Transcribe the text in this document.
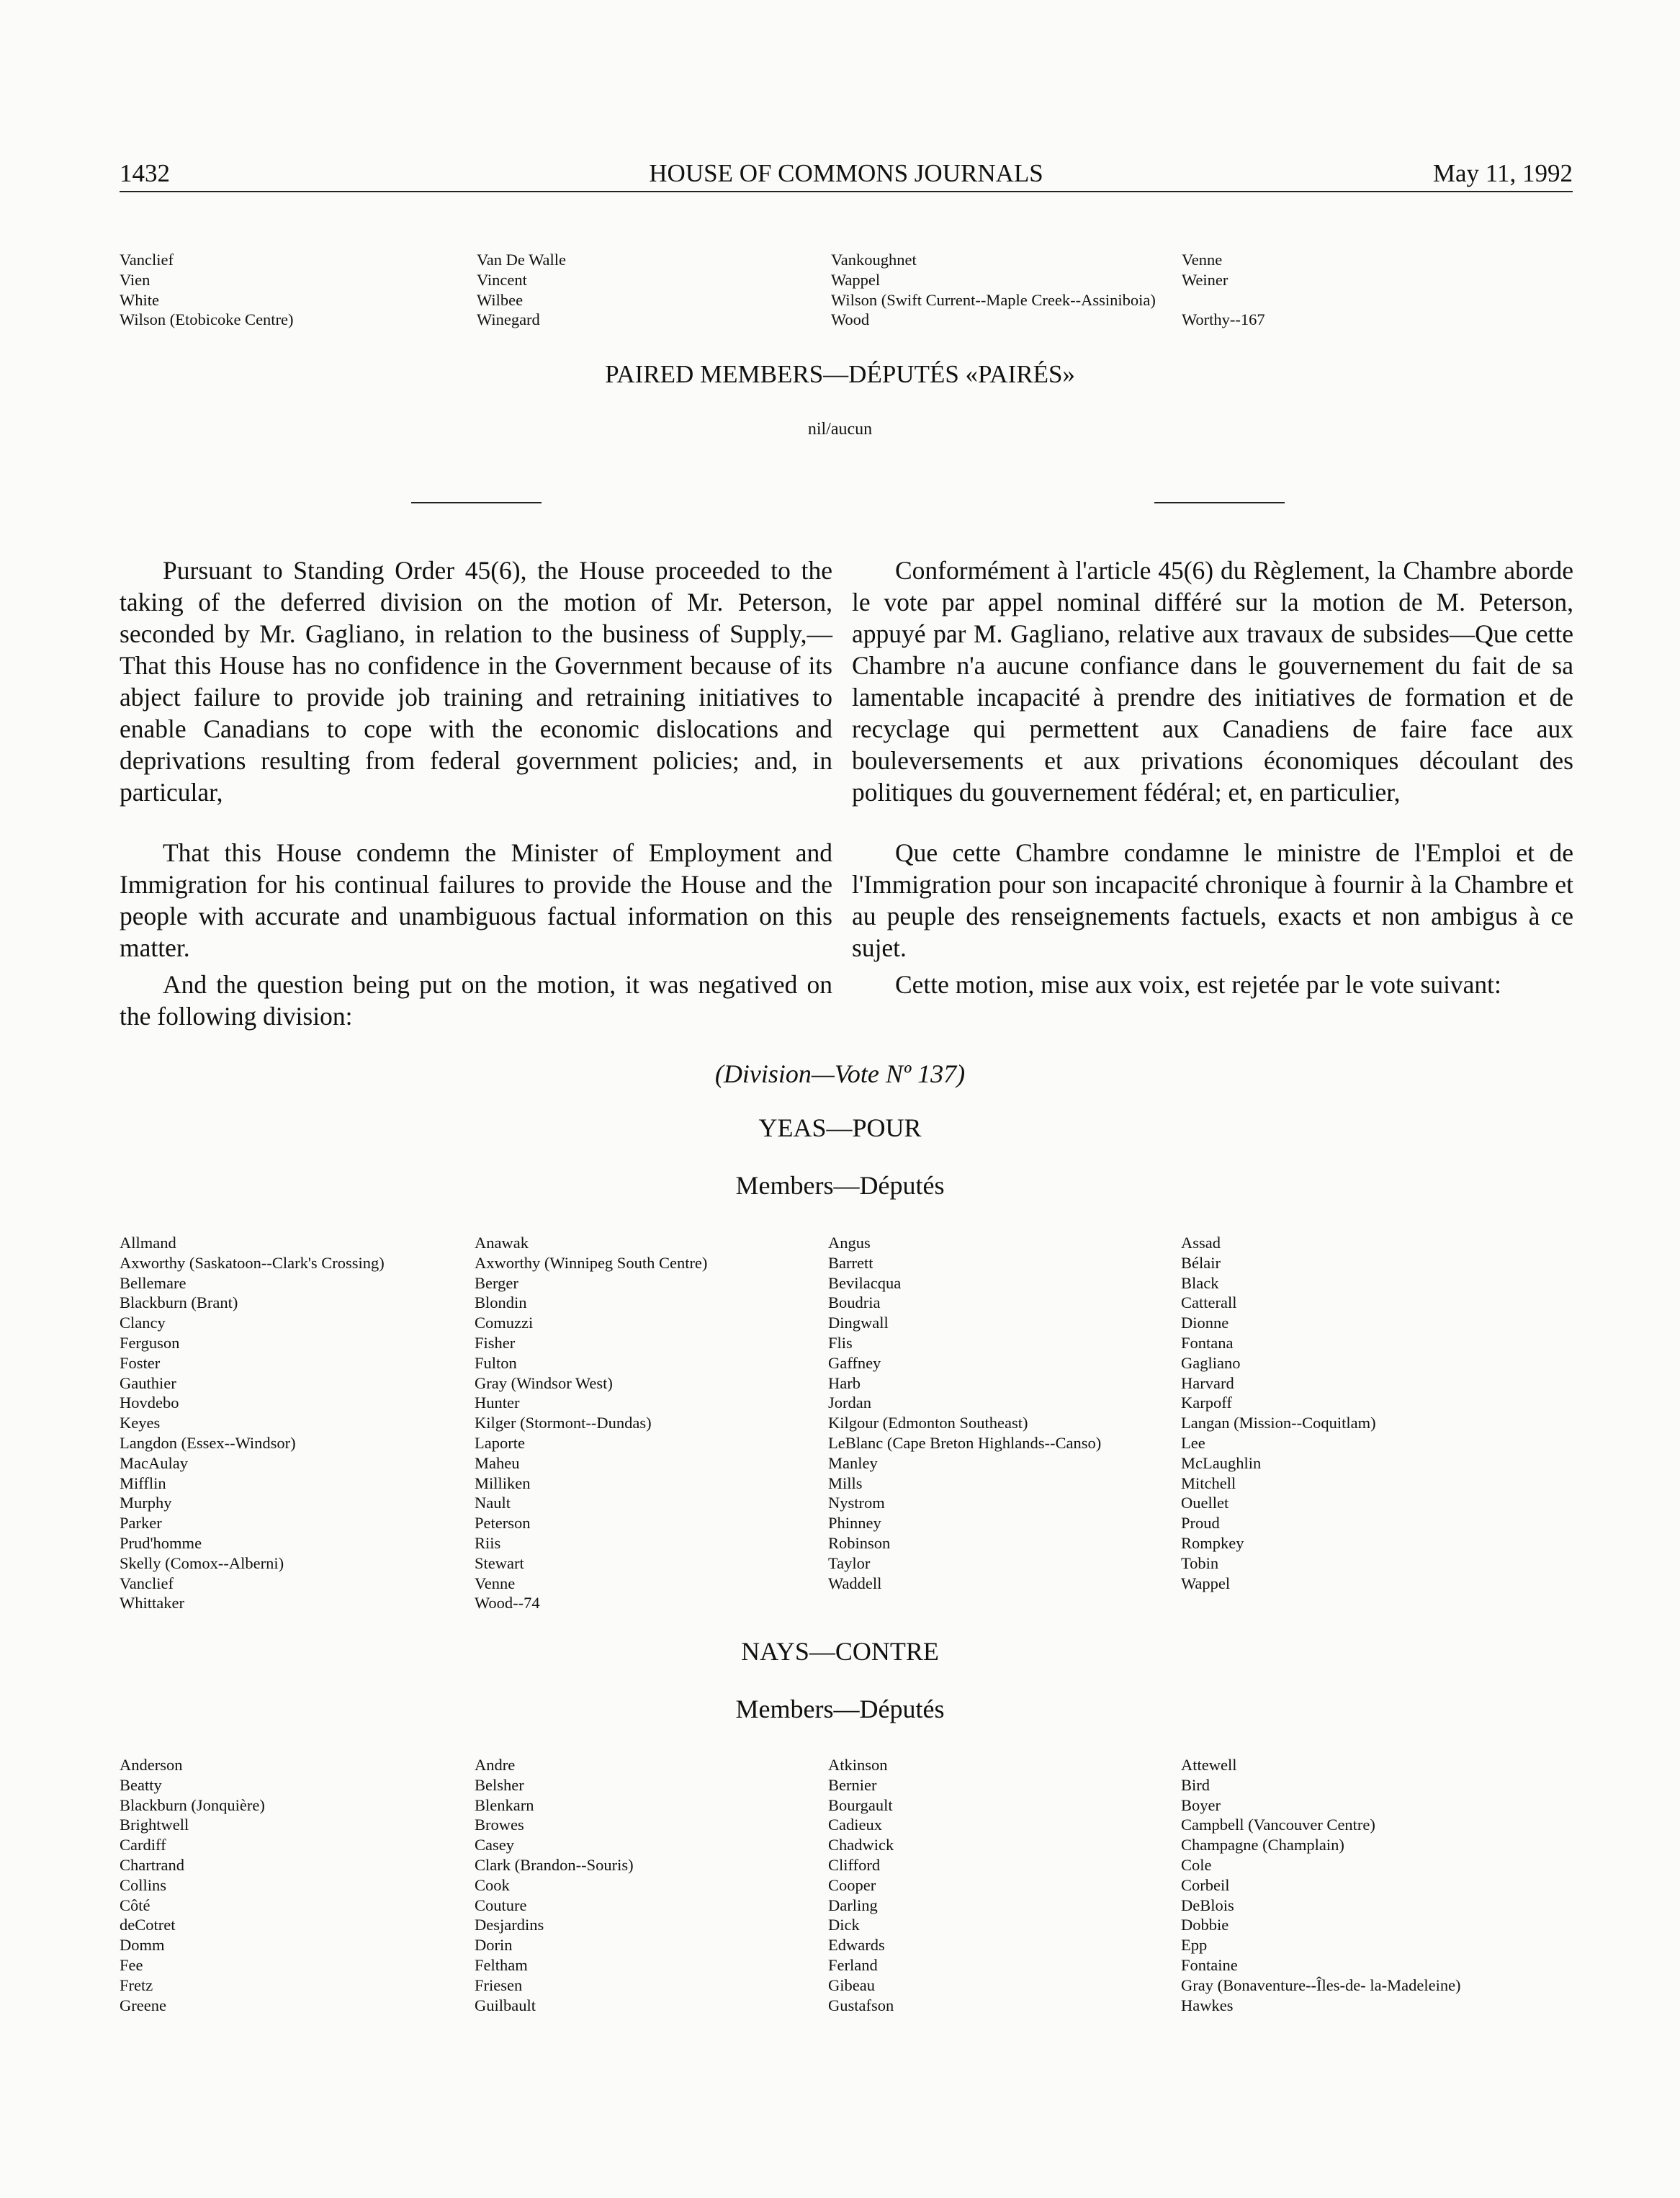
HOUSE OF COMMONS JOURNALS
1432	May 11, 1992
Vanclief
Vien
White
Wilson (Etobicoke Centre)
Van De Walle
Vincent
Wilbee
Winegard
Vankoughnet
Wappel
Wilson (Swift Current--Maple Creek--Assiniboia)
Wood
Venne
Weiner

Worthy--167
PAIRED MEMBERS—DÉPUTÉS «PAIRÉS»
nil/aucun

Pursuant to Standing Order 45(6), the House proceeded to the taking of the deferred division on the motion of Mr. Peterson, seconded by Mr. Gagliano, in relation to the business of Supply,—That this House has no confidence in the Government because of its abject failure to provide job training and retraining initiatives to enable Canadians to cope with the economic dislocations and deprivations resulting from federal government policies; and, in particular,

That this House condemn the Minister of Employment and Immigration for his continual failures to provide the House and the people with accurate and unambiguous factual information on this matter.

And the question being put on the motion, it was negatived on the following division:

Conformément à l'article 45(6) du Règlement, la Chambre aborde le vote par appel nominal différé sur la motion de M. Peterson, appuyé par M. Gagliano, relative aux travaux de subsides—Que cette Chambre n'a aucune confiance dans le gouvernement du fait de sa lamentable incapacité à prendre des initiatives de formation et de recyclage qui permettent aux Canadiens de faire face aux bouleversements et aux privations économiques découlant des politiques du gouvernement fédéral; et, en particulier,

Que cette Chambre condamne le ministre de l'Emploi et de l'Immigration pour son incapacité chronique à fournir à la Chambre et au peuple des renseignements factuels, exacts et non ambigus à ce sujet.

Cette motion, mise aux voix, est rejetée par le vote suivant:

(Division—Vote Nº 137)
YEAS—POUR
Members—Députés
Allmand
Axworthy (Saskatoon--Clark's Crossing)
Bellemare
Blackburn (Brant)
Clancy
Ferguson
Foster
Gauthier
Hovdebo
Keyes
Langdon (Essex--Windsor)
MacAulay
Mifflin
Murphy
Parker
Prud'homme
Skelly (Comox--Alberni)
Vanclief
Whittaker
Anawak
Axworthy (Winnipeg South Centre)
Berger
Blondin
Comuzzi
Fisher
Fulton
Gray (Windsor West)
Hunter
Kilger (Stormont--Dundas)
Laporte
Maheu
Milliken
Nault
Peterson
Riis
Stewart
Venne
Wood--74
Angus
Barrett
Bevilacqua
Boudria
Dingwall
Flis
Gaffney
Harb
Jordan
Kilgour (Edmonton Southeast)
LeBlanc (Cape Breton Highlands--Canso)
Manley
Mills
Nystrom
Phinney
Robinson
Taylor
Waddell
Assad
Bélair
Black
Catterall
Dionne
Fontana
Gagliano
Harvard
Karpoff
Langan (Mission--Coquitlam)
Lee
McLaughlin
Mitchell
Ouellet
Proud
Rompkey
Tobin
Wappel
NAYS—CONTRE
Members—Députés
Anderson
Beatty
Blackburn (Jonquière)
Brightwell
Cardiff
Chartrand
Collins
Côté
deCotret
Domm
Fee
Fretz
Greene
Andre
Belsher
Blenkarn
Browes
Casey
Clark (Brandon--Souris)
Cook
Couture
Desjardins
Dorin
Feltham
Friesen
Guilbault
Atkinson
Bernier
Bourgault
Cadieux
Chadwick
Clifford
Cooper
Darling
Dick
Edwards
Ferland
Gibeau
Gustafson
Attewell
Bird
Boyer
Campbell (Vancouver Centre)
Champagne (Champlain)
Cole
Corbeil
DeBlois
Dobbie
Epp
Fontaine
Gray (Bonaventure--Îles-de- la-Madeleine)
Hawkes
